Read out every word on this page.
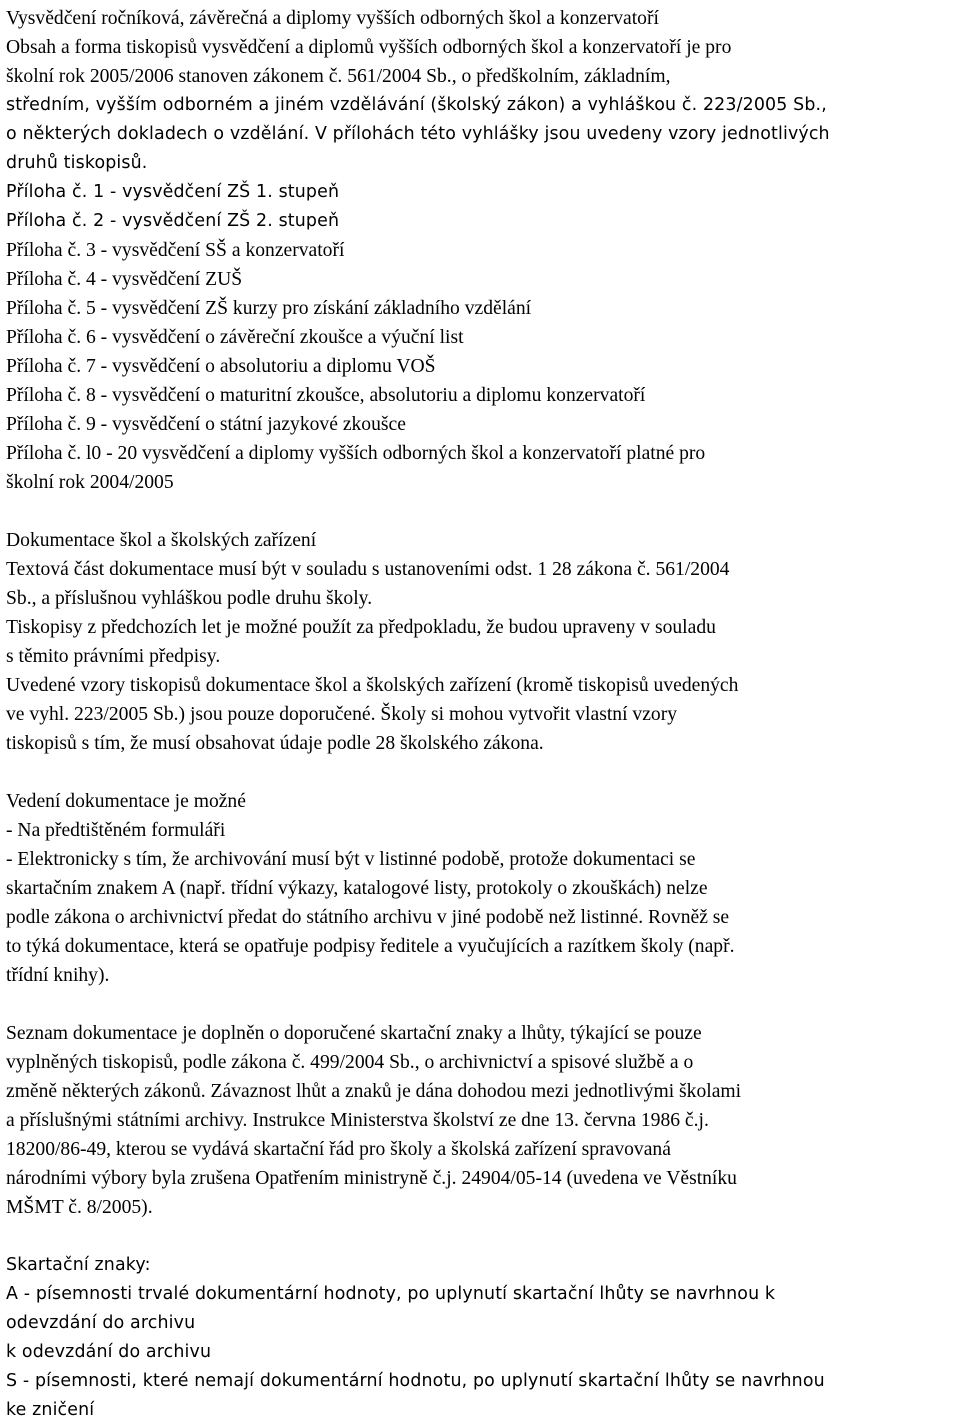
Vysvědčení ročníková, závěrečná a diplomy vyšších odborných škol a konzervatoří
Obsah a forma tiskopisů vysvědčení a diplomů vyšších odborných škol a konzervatoří je pro
školní rok 2005/2006 stanoven zákonem č. 561/2004 Sb., o předškolním, základním,
středním, vyšším odborném a jiném vzdělávání (školský zákon) a vyhláškou č. 223/2005 Sb.,
o některých dokladech o vzdělání. V přílohách této vyhlášky jsou uvedeny vzory jednotlivých
druhů tiskopisů.
Příloha č. 1 - vysvědčení ZŠ 1. stupeň
Příloha č. 2 - vysvědčení ZŠ 2. stupeň
Příloha č. 3 - vysvědčení SŠ a konzervatoří
Příloha č. 4 - vysvědčení ZUŠ
Příloha č. 5 - vysvědčení ZŠ kurzy pro získání základního vzdělání
Příloha č. 6 - vysvědčení o závěreční zkoušce a výuční list
Příloha č. 7 - vysvědčení o absolutoriu a diplomu VOŠ
Příloha č. 8 - vysvědčení o maturitní zkoušce, absolutoriu a diplomu konzervatoří
Příloha č. 9 - vysvědčení o státní jazykové zkoušce
Příloha č. l0 - 20 vysvědčení a diplomy vyšších odborných škol a konzervatoří platné pro
školní rok 2004/2005
Dokumentace škol a školských zařízení
Textová část dokumentace musí být v souladu s ustanoveními odst. 1 28 zákona č. 561/2004
Sb., a příslušnou vyhláškou podle druhu školy.
Tiskopisy z předchozích let je možné použít za předpokladu, že budou upraveny v souladu
s těmito právními předpisy.
Uvedené vzory tiskopisů dokumentace škol a školských zařízení (kromě tiskopisů uvedených
ve vyhl. 223/2005 Sb.) jsou pouze doporučené. Školy si mohou vytvořit vlastní vzory
tiskopisů s tím, že musí obsahovat údaje podle 28 školského zákona.
Vedení dokumentace je možné
- Na předtištěném formuláři
- Elektronicky s tím, že archivování musí být v listinné podobě, protože dokumentaci se
skartačním znakem A (např. třídní výkazy, katalogové listy, protokoly o zkouškách) nelze
podle zákona o archivnictví předat do státního archivu v jiné podobě než listinné. Rovněž se
to týká dokumentace, která se opatřuje podpisy ředitele a vyučujících a razítkem školy (např.
třídní knihy).
Seznam dokumentace je doplněn o doporučené skartační znaky a lhůty, týkající se pouze
vyplněných tiskopisů, podle zákona č. 499/2004 Sb., o archivnictví a spisové službě a o
změně některých zákonů. Závaznost lhůt a znaků je dána dohodou mezi jednotlivými školami
a příslušnými státními archivy. Instrukce Ministerstva školství ze dne 13. června 1986 č.j.
18200/86-49, kterou se vydává skartační řád pro školy a školská zařízení spravovaná
národními výbory byla zrušena Opatřením ministryně č.j. 24904/05-14 (uvedena ve Věstníku
MŠMT č. 8/2005).
Skartační znaky:
A - písemnosti trvalé dokumentární hodnoty, po uplynutí skartační lhůty se navrhnou k
odevzdání do archivu
k odevzdání do archivu
S - písemnosti, které nemají dokumentární hodnotu, po uplynutí skartační lhůty se navrhnou
ke zničení
